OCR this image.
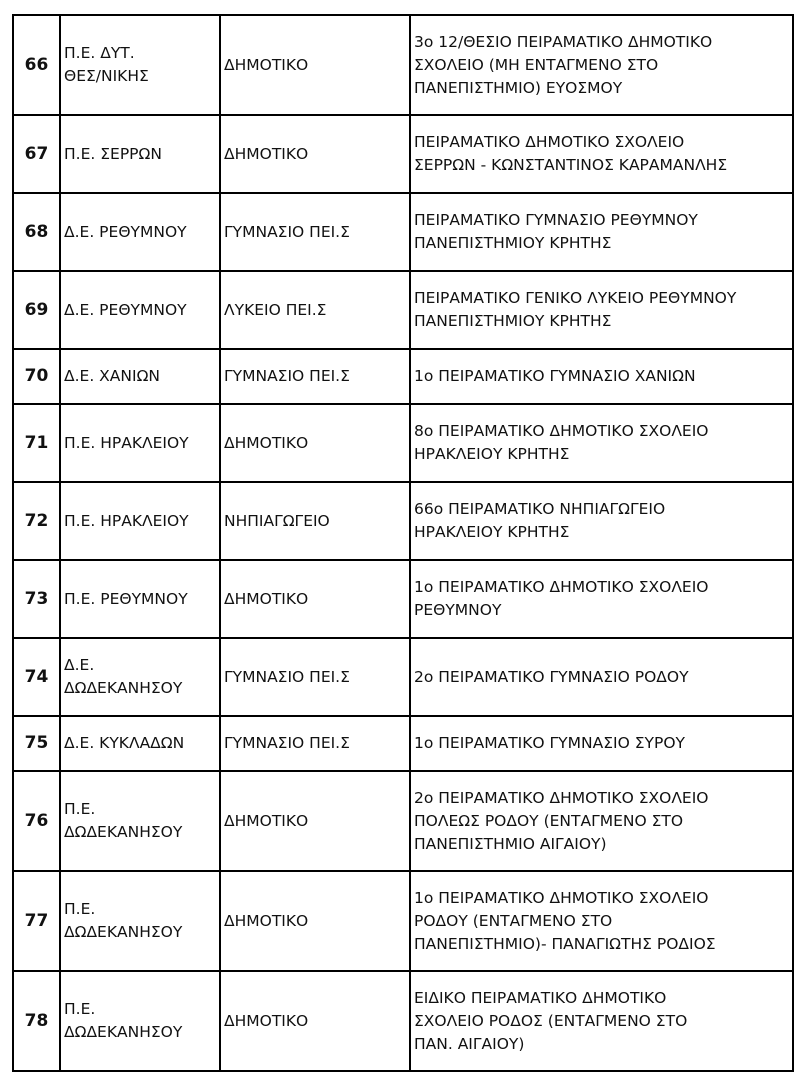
66	Π.Ε. ΔΥΤ.
ΘΕΣ/ΝΙΚΗΣ	ΔΗΜΟΤΙΚΟ	3ο 12/ΘΕΣΙΟ ΠΕΙΡΑΜΑΤΙΚΟ ΔΗΜΟΤΙΚΟ
ΣΧΟΛΕΙΟ (ΜΗ ΕΝΤΑΓΜΕΝΟ ΣΤΟ
ΠΑΝΕΠΙΣΤΗΜΙΟ) ΕΥΟΣΜΟΥ

67	Π.Ε. ΣΕΡΡΩΝ	ΔΗΜΟΤΙΚΟ	ΠΕΙΡΑΜΑΤΙΚΟ ΔΗΜΟΤΙΚΟ ΣΧΟΛΕΙΟ
ΣΕΡΡΩΝ - ΚΩΝΣΤΑΝΤΙΝΟΣ ΚΑΡΑΜΑΝΛΗΣ

68	Δ.Ε. ΡΕΘΥΜΝΟΥ	ΓΥΜΝΑΣΙΟ ΠΕΙ.Σ	ΠΕΙΡΑΜΑΤΙΚΟ ΓΥΜΝΑΣΙΟ ΡΕΘΥΜΝΟΥ
ΠΑΝΕΠΙΣΤΗΜΙΟΥ ΚΡΗΤΗΣ

69	Δ.Ε. ΡΕΘΥΜΝΟΥ	ΛΥΚΕΙΟ ΠΕΙ.Σ	ΠΕΙΡΑΜΑΤΙΚΟ ΓΕΝΙΚΟ ΛΥΚΕΙΟ ΡΕΘΥΜΝΟΥ
ΠΑΝΕΠΙΣΤΗΜΙΟΥ ΚΡΗΤΗΣ

70	Δ.Ε. ΧΑΝΙΩΝ	ΓΥΜΝΑΣΙΟ ΠΕΙ.Σ	1ο ΠΕΙΡΑΜΑΤΙΚΟ ΓΥΜΝΑΣΙΟ ΧΑΝΙΩΝ

71	Π.Ε. ΗΡΑΚΛΕΙΟΥ	ΔΗΜΟΤΙΚΟ	8ο ΠΕΙΡΑΜΑΤΙΚΟ ΔΗΜΟΤΙΚΟ ΣΧΟΛΕΙΟ
ΗΡΑΚΛΕΙΟΥ ΚΡΗΤΗΣ

72	Π.Ε. ΗΡΑΚΛΕΙΟΥ	ΝΗΠΙΑΓΩΓΕΙΟ	66ο ΠΕΙΡΑΜΑΤΙΚΟ ΝΗΠΙΑΓΩΓΕΙΟ
ΗΡΑΚΛΕΙΟΥ ΚΡΗΤΗΣ

73	Π.Ε. ΡΕΘΥΜΝΟΥ	ΔΗΜΟΤΙΚΟ	1ο ΠΕΙΡΑΜΑΤΙΚΟ ΔΗΜΟΤΙΚΟ ΣΧΟΛΕΙΟ
ΡΕΘΥΜΝΟΥ

74	Δ.Ε.
ΔΩΔΕΚΑΝΗΣΟΥ	ΓΥΜΝΑΣΙΟ ΠΕΙ.Σ	2ο ΠΕΙΡΑΜΑΤΙΚΟ ΓΥΜΝΑΣΙΟ ΡΟΔΟΥ

75	Δ.Ε. ΚΥΚΛΑΔΩΝ	ΓΥΜΝΑΣΙΟ ΠΕΙ.Σ	1ο ΠΕΙΡΑΜΑΤΙΚΟ ΓΥΜΝΑΣΙΟ ΣΥΡΟΥ

76	Π.Ε.
ΔΩΔΕΚΑΝΗΣΟΥ	ΔΗΜΟΤΙΚΟ	2ο ΠΕΙΡΑΜΑΤΙΚΟ ΔΗΜΟΤΙΚΟ ΣΧΟΛΕΙΟ
ΠΟΛΕΩΣ ΡΟΔΟΥ (ΕΝΤΑΓΜΕΝΟ ΣΤΟ
ΠΑΝΕΠΙΣΤΗΜΙΟ ΑΙΓΑΙΟΥ)

77	Π.Ε.
ΔΩΔΕΚΑΝΗΣΟΥ	ΔΗΜΟΤΙΚΟ	1ο ΠΕΙΡΑΜΑΤΙΚΟ ΔΗΜΟΤΙΚΟ ΣΧΟΛΕΙΟ
ΡΟΔΟΥ (ΕΝΤΑΓΜΕΝΟ ΣΤΟ
ΠΑΝΕΠΙΣΤΗΜΙΟ)- ΠΑΝΑΓΙΩΤΗΣ ΡΟΔΙΟΣ

78	Π.Ε.
ΔΩΔΕΚΑΝΗΣΟΥ	ΔΗΜΟΤΙΚΟ	ΕΙΔΙΚΟ ΠΕΙΡΑΜΑΤΙΚΟ ΔΗΜΟΤΙΚΟ
ΣΧΟΛΕΙΟ ΡΟΔΟΣ (ΕΝΤΑΓΜΕΝΟ ΣΤΟ
ΠΑΝ. ΑΙΓΑΙΟΥ)
